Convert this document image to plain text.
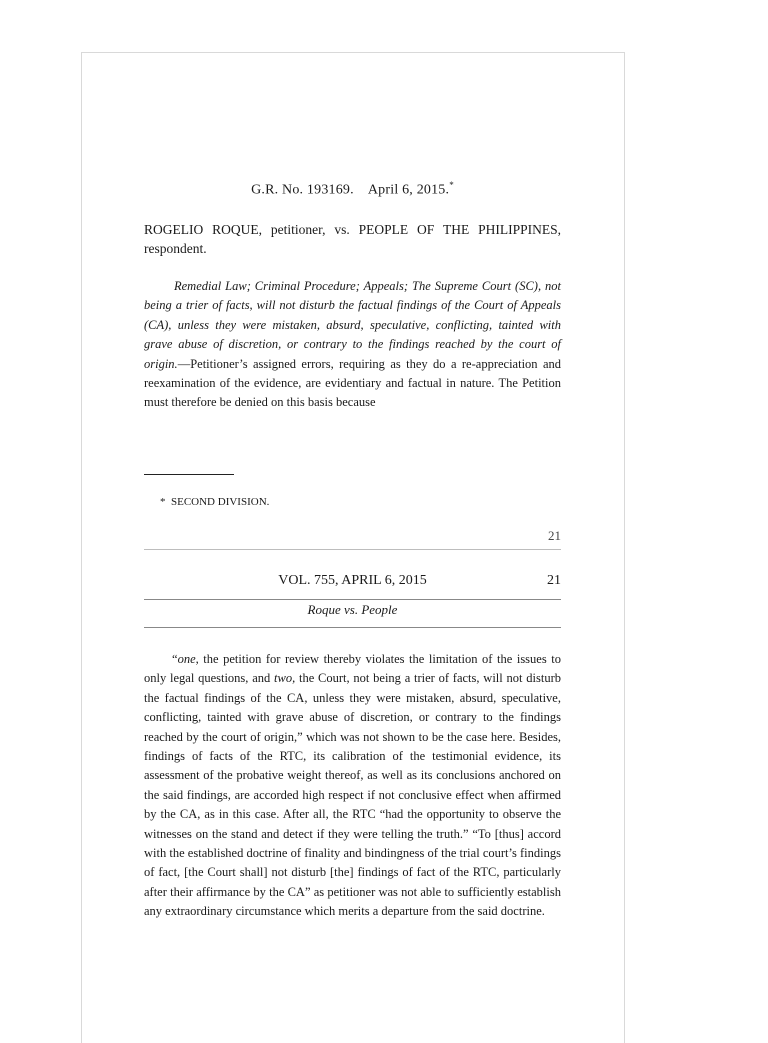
G.R. No. 193169. April 6, 2015.*
ROGELIO ROQUE, petitioner, vs. PEOPLE OF THE PHILIPPINES, respondent.

Remedial Law; Criminal Procedure; Appeals; The Supreme Court (SC), not being a trier of facts, will not disturb the factual findings of the Court of Appeals (CA), unless they were mistaken, absurd, speculative, conflicting, tainted with grave abuse of discretion, or contrary to the findings reached by the court of origin.—Petitioner’s assigned errors, requiring as they do a re-appreciation and reexamination of the evidence, are evidentiary and factual in nature. The Petition must therefore be denied on this basis because

* SECOND DIVISION.
21
VOL. 755, APRIL 6, 2015	21
Roque vs. People

“one, the petition for review thereby violates the limitation of the issues to only legal questions, and two, the Court, not being a trier of facts, will not disturb the factual findings of the CA, unless they were mistaken, absurd, speculative, conflicting, tainted with grave abuse of discretion, or contrary to the findings reached by the court of origin,” which was not shown to be the case here. Besides, findings of facts of the RTC, its calibration of the testimonial evidence, its assessment of the probative weight thereof, as well as its conclusions anchored on the said findings, are accorded high respect if not conclusive effect when affirmed by the CA, as in this case. After all, the RTC “had the opportunity to observe the witnesses on the stand and detect if they were telling the truth.” “To [thus] accord with the established doctrine of finality and bindingness of the trial court’s findings of fact, [the Court shall] not disturb [the] findings of fact of the RTC, particularly after their affirmance by the CA” as petitioner was not able to sufficiently establish any extraordinary circumstance which merits a departure from the said doctrine.
